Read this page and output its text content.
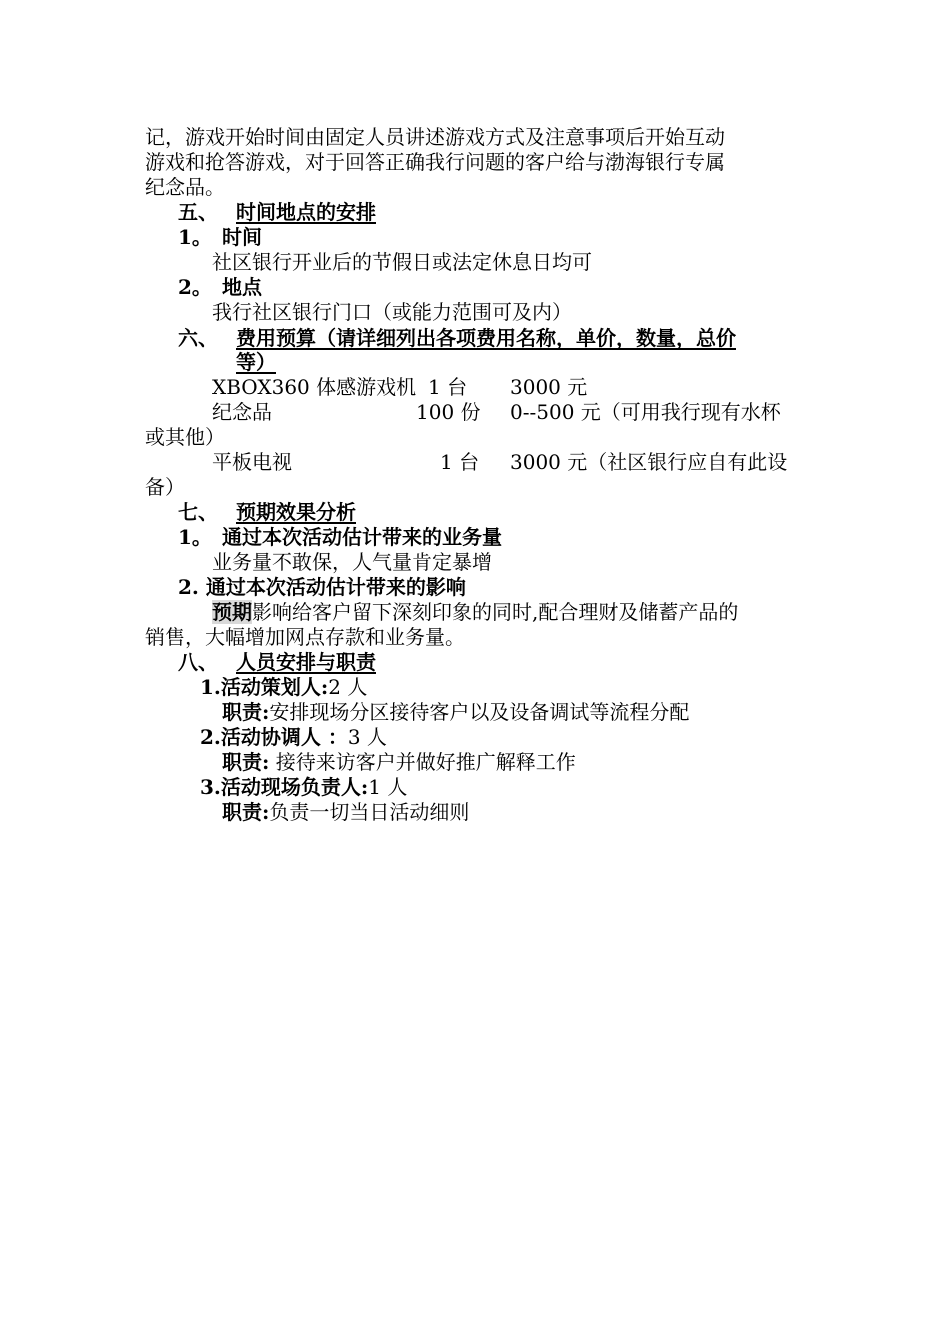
记，游戏开始时间由固定人员讲述游戏方式及注意事项后开始互动
游戏和抢答游戏，对于回答正确我行问题的客户给与渤海银行专属
纪念品。
五、 时间地点的安排
1。 时间
社区银行开业后的节假日或法定休息日均可
2。 地点
我行社区银行门口（或能力范围可及内）
六、 费用预算（请详细列出各项费用名称，单价，数量，总价
等）
XBOX360 体感游戏机 1 台 3000 元
纪念品	100 份 0--500 元（可用我行现有水杯
或其他）
平板电视	1 台 3000 元（社区银行应自有此设
备）
七、 预期效果分析
1。 通过本次活动估计带来的业务量
业务量不敢保，人气量肯定暴增
2. 通过本次活动估计带来的影响
预期影响给客户留下深刻印象的同时,配合理财及储蓄产品的
销售，大幅增加网点存款和业务量。
八、 人员安排与职责
1.活动策划人:2 人
职责:安排现场分区接待客户以及设备调试等流程分配
2.活动协调人 ：3 人
职责: 接待来访客户并做好推广解释工作
3.活动现场负责人:1 人
职责:负责一切当日活动细则
